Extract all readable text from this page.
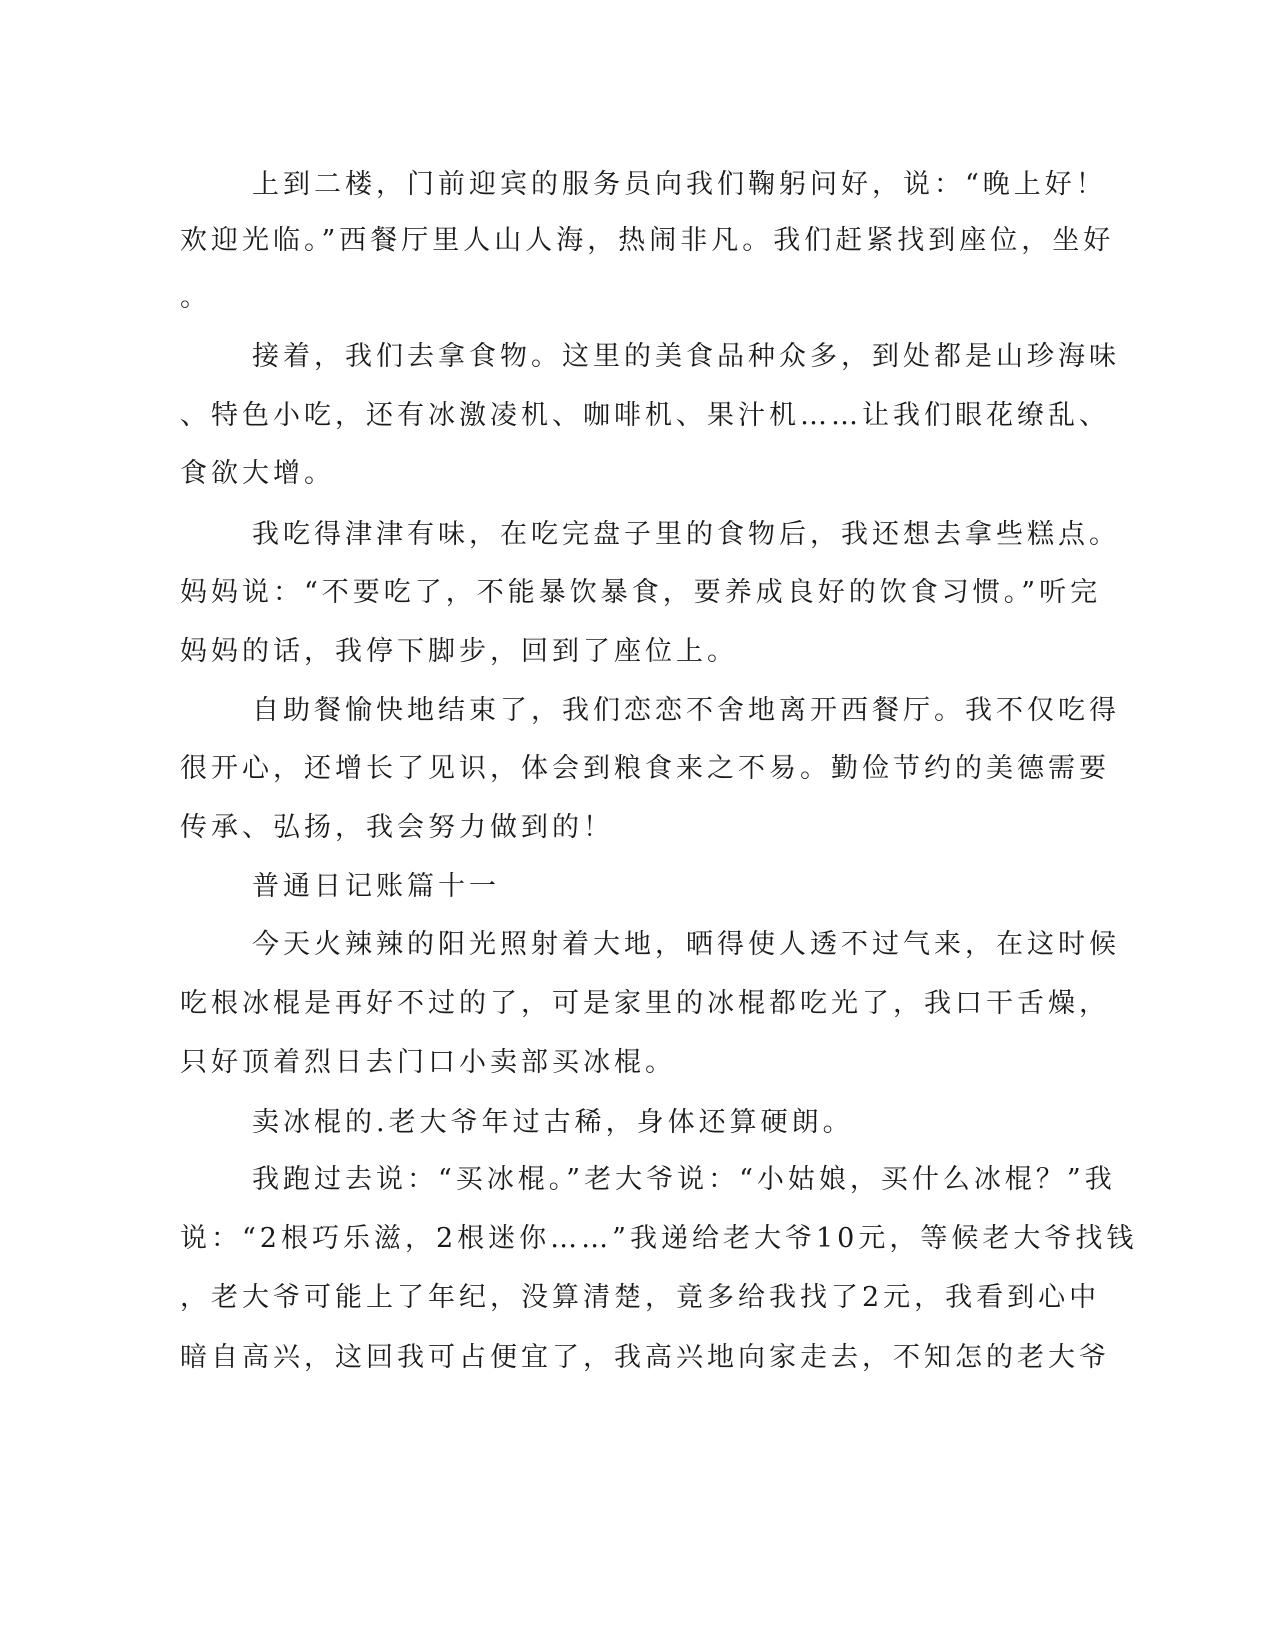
上到二楼，门前迎宾的服务员向我们鞠躬问好，说：“晚上好！
欢迎光临。”西餐厅里人山人海，热闹非凡。我们赶紧找到座位，坐好
。
接着，我们去拿食物。这里的美食品种众多，到处都是山珍海味
、特色小吃，还有冰激凌机、咖啡机、果汁机……让我们眼花缭乱、
食欲大增。
我吃得津津有味，在吃完盘子里的食物后，我还想去拿些糕点。
妈妈说：“不要吃了，不能暴饮暴食，要养成良好的饮食习惯。”听完
妈妈的话，我停下脚步，回到了座位上。
自助餐愉快地结束了，我们恋恋不舍地离开西餐厅。我不仅吃得
很开心，还增长了见识，体会到粮食来之不易。勤俭节约的美德需要
传承、弘扬，我会努力做到的！
普通日记账篇十一
今天火辣辣的阳光照射着大地，晒得使人透不过气来，在这时候
吃根冰棍是再好不过的了，可是家里的冰棍都吃光了，我口干舌燥，
只好顶着烈日去门口小卖部买冰棍。
卖冰棍的.老大爷年过古稀，身体还算硬朗。
我跑过去说：“买冰棍。”老大爷说：“小姑娘，买什么冰棍？”我
说：“2根巧乐滋，2根迷你……”我递给老大爷10元，等候老大爷找钱
，老大爷可能上了年纪，没算清楚，竟多给我找了2元，我看到心中
暗自高兴，这回我可占便宜了，我高兴地向家走去，不知怎的老大爷
